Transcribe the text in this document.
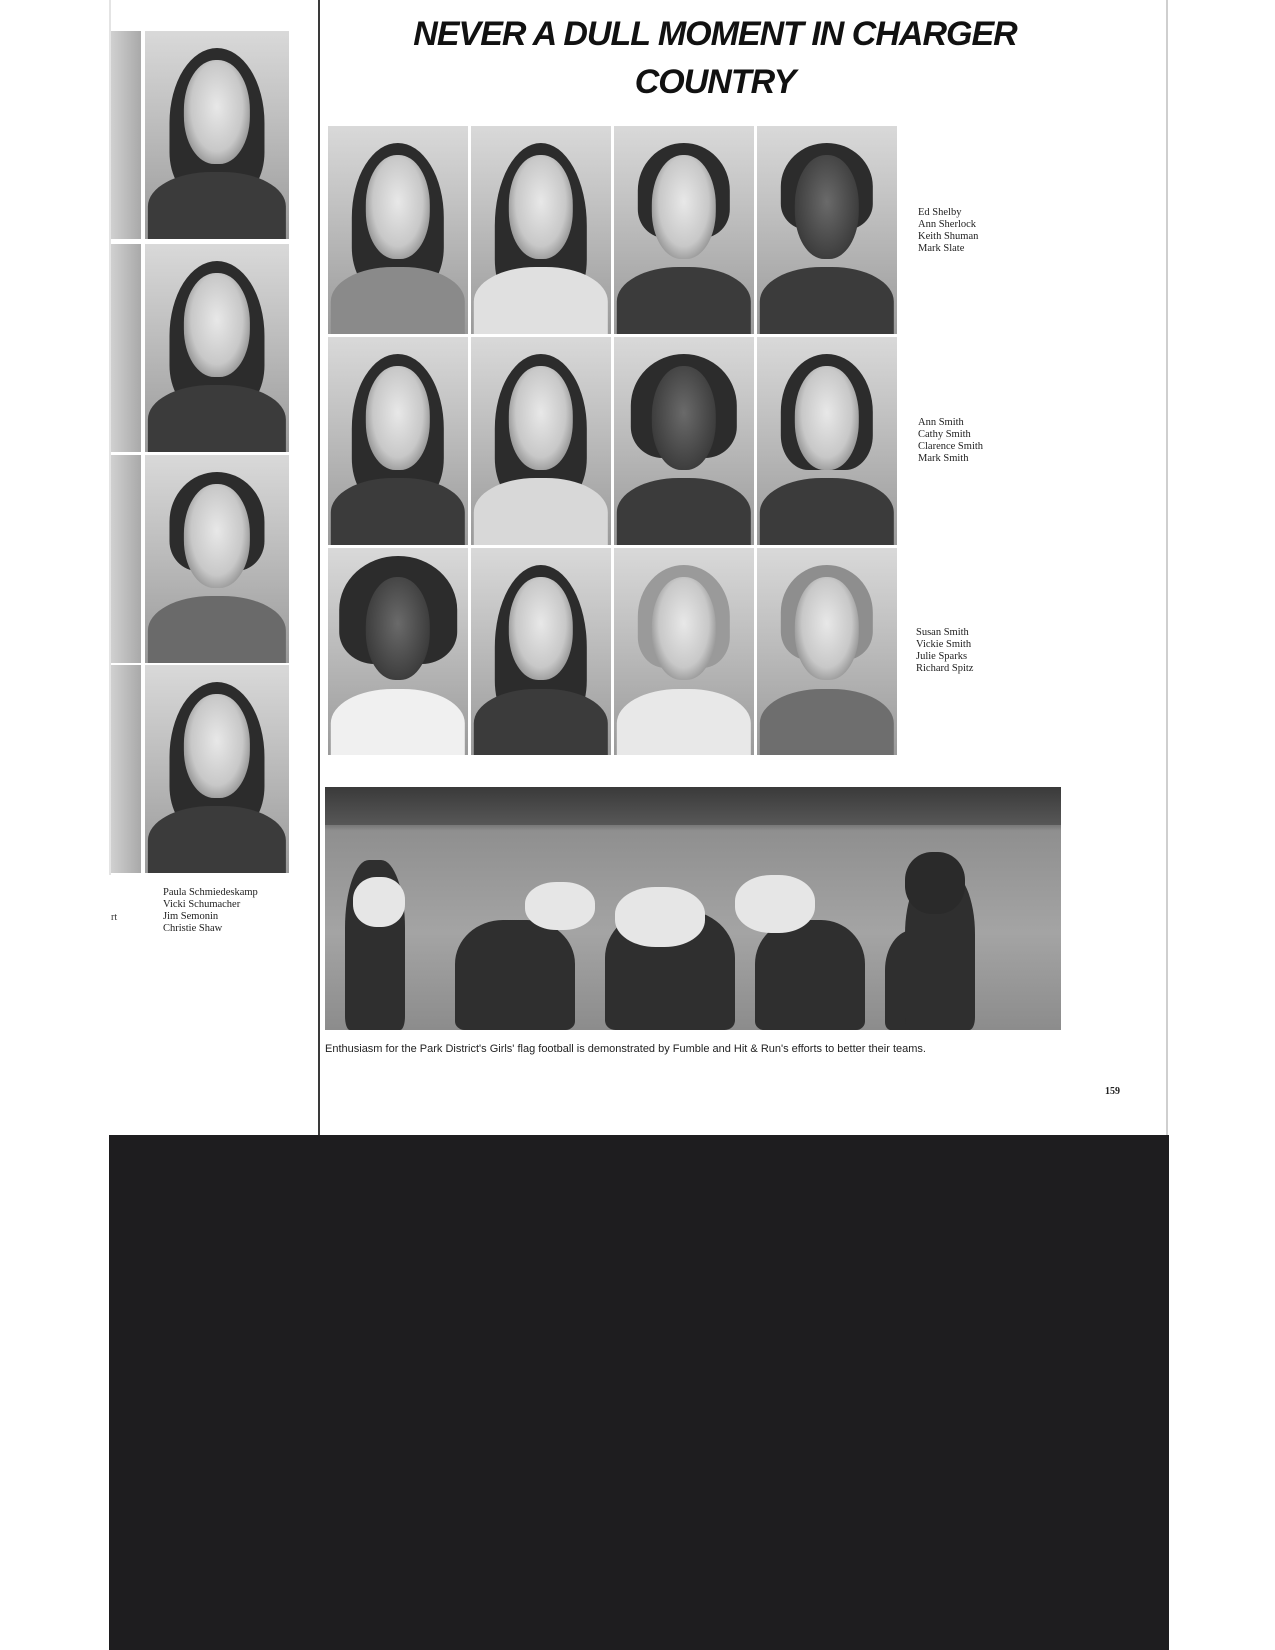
Paula Schmiedeskamp
Vicki Schumacher
Jim Semonin
Christie Shaw
rt
NEVER A DULL MOMENT IN CHARGER COUNTRY
Ed Shelby
Ann Sherlock
Keith Shuman
Mark Slate
Ann Smith
Cathy Smith
Clarence Smith
Mark Smith
Susan Smith
Vickie Smith
Julie Sparks
Richard Spitz
Enthusiasm for the Park District's Girls' flag football is demonstrated by Fumble and Hit & Run's efforts to better their teams.
159
